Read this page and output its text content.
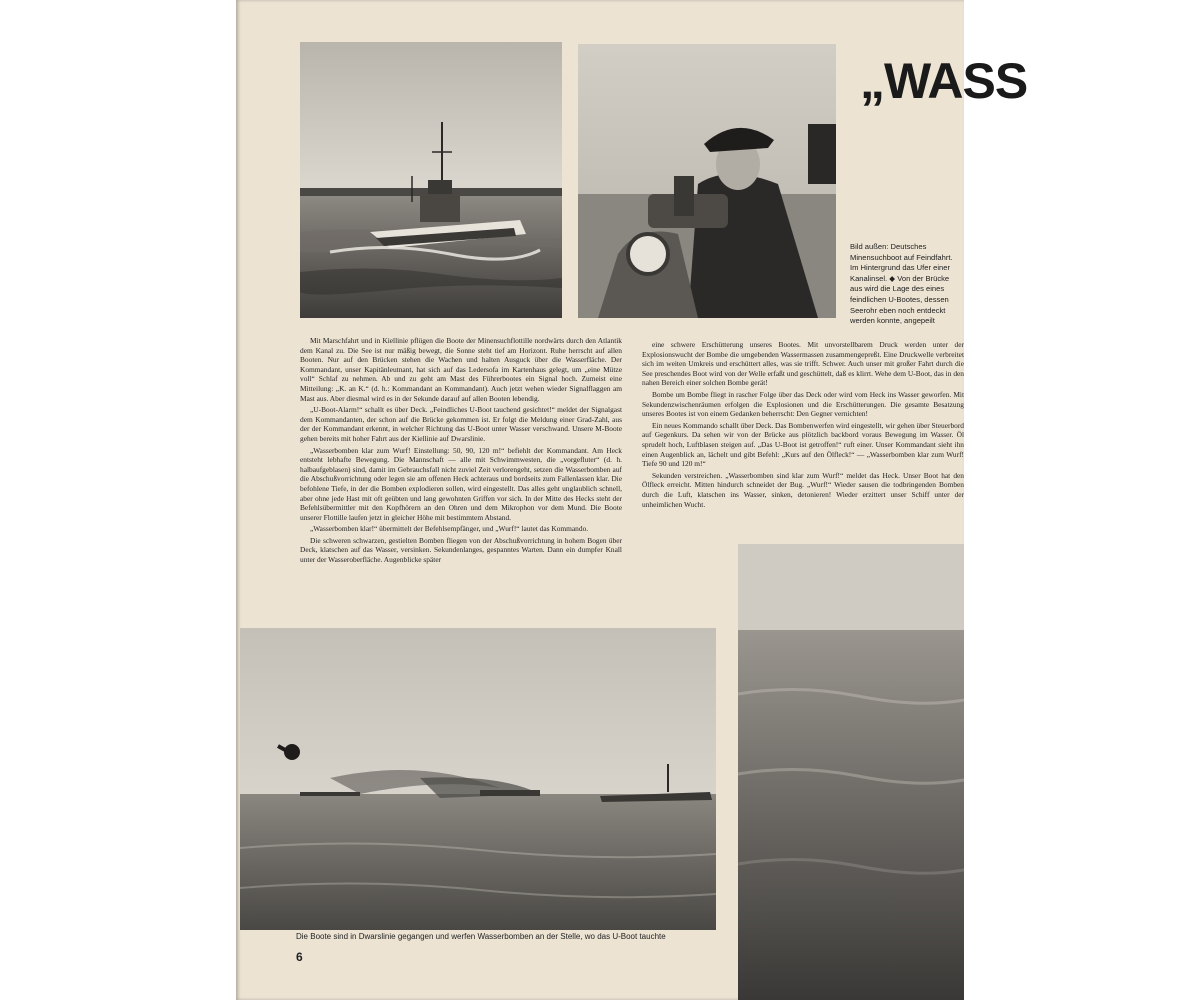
„WASS
Bild außen: Deutsches
Minensuchboot auf Feindfahrt.
Im Hintergrund das Ufer einer
Kanalinsel. ◆ Von der Brücke
aus wird die Lage des eines
feindlichen U-Bootes, dessen
Seerohr eben noch entdeckt
werden konnte, angepeilt

Mit Marschfahrt und in Kiellinie pflügen die Boote der Minensuchflottille nordwärts durch den Atlantik dem Kanal zu. Die See ist nur mäßig bewegt, die Sonne steht tief am Horizont. Ruhe herrscht auf allen Booten. Nur auf den Brücken stehen die Wachen und halten Ausguck über die Wasserfläche. Der Kommandant, unser Kapitänleutnant, hat sich auf das Ledersofa im Kartenhaus gelegt, um „eine Mütze voll“ Schlaf zu nehmen. Ab und zu geht am Mast des Führerbootes ein Signal hoch. Zumeist eine Mitteilung: „K. an K.“ (d. h.: Kommandant an Kommandant). Auch jetzt wehen wieder Signalflaggen am Mast aus. Aber diesmal wird es in der Sekunde darauf auf allen Booten lebendig.

„U-Boot-Alarm!“ schallt es über Deck. „Feindliches U-Boot tauchend gesichtet!“ meldet der Signalgast dem Kommandanten, der schon auf die Brücke gekommen ist. Er folgt die Meldung einer Grad-Zahl, aus der der Kommandant erkennt, in welcher Richtung das U-Boot unter Wasser verschwand. Unsere M-Boote gehen bereits mit hoher Fahrt aus der Kiellinie auf Dwarslinie.

„Wasserbomben klar zum Wurf! Einstellung: 50, 90, 120 m!“ befiehlt der Kommandant. Am Heck entsteht lebhafte Bewegung. Die Mannschaft — alle mit Schwimmwesten, die „vorgefluter“ (d. h. halbaufgeblasen) sind, damit im Gebrauchsfall nicht zuviel Zeit verlorengeht, setzen die Wasserbomben auf die Abschußvorrichtung oder legen sie am offenen Heck achteraus und bordseits zum Fallenlassen klar. Die befohlene Tiefe, in der die Bomben explodieren sollen, wird eingestellt. Das alles geht unglaublich schnell, aber ohne jede Hast mit oft geübten und lang gewohnten Griffen vor sich. In der Mitte des Hecks steht der Befehlsübermittler mit den Kopfhörern an den Ohren und dem Mikrophon vor dem Mund. Die Boote unserer Flottille laufen jetzt in gleicher Höhe mit bestimmtem Abstand.

„Wasserbomben klar!“ übermittelt der Befehlsempfänger, und „Wurf!“ lautet das Kommando.

Die schweren schwarzen, gestielten Bomben fliegen von der Abschußvorrichtung in hohem Bogen über Deck, klatschen auf das Wasser, versinken. Sekundenlanges, gespanntes Warten. Dann ein dumpfer Knall unter der Wasseroberfläche. Augenblicke später

eine schwere Erschütterung unseres Bootes. Mit unvorstellbarem Druck werden unter der Explosionswucht der Bombe die umgebenden Wassermassen zusammengepreßt. Eine Druckwelle verbreitet sich im weiten Umkreis und erschüttert alles, was sie trifft. Schwer. Auch unser mit großer Fahrt durch die See preschendes Boot wird von der Welle erfaßt und geschüttelt, daß es klirrt. Wehe dem U-Boot, das in den nahen Bereich einer solchen Bombe gerät!

Bombe um Bombe fliegt in rascher Folge über das Deck oder wird vom Heck ins Wasser geworfen. Mit Sekundenzwischenräumen erfolgen die Explosionen und die Erschütterungen. Die gesamte Besatzung unseres Bootes ist von einem Gedanken beherrscht: Den Gegner vernichten!

Ein neues Kommando schallt über Deck. Das Bombenwerfen wird eingestellt, wir gehen über Steuerbord auf Gegenkurs. Da sehen wir von der Brücke aus plötzlich backbord voraus Bewegung im Wasser. Öl sprudelt hoch, Luftblasen steigen auf. „Das U-Boot ist getroffen!“ ruft einer. Unser Kommandant sieht ihn einen Augenblick an, lächelt und gibt Befehl: „Kurs auf den Ölfleck!“ — „Wasserbomben klar zum Wurf! Tiefe 90 und 120 m!“

Sekunden verstreichen. „Wasserbomben sind klar zum Wurf!“ meldet das Heck. Unser Boot hat den Ölfleck erreicht. Mitten hindurch schneidet der Bug. „Wurf!“ Wieder sausen die todbringenden Bomben durch die Luft, klatschen ins Wasser, sinken, detonieren! Wieder erzittert unser Schiff unter der unheimlichen Wucht.

Die Boote sind in Dwarslinie gegangen und werfen Wasserbomben an der Stelle, wo das U-Boot tauchte
6
